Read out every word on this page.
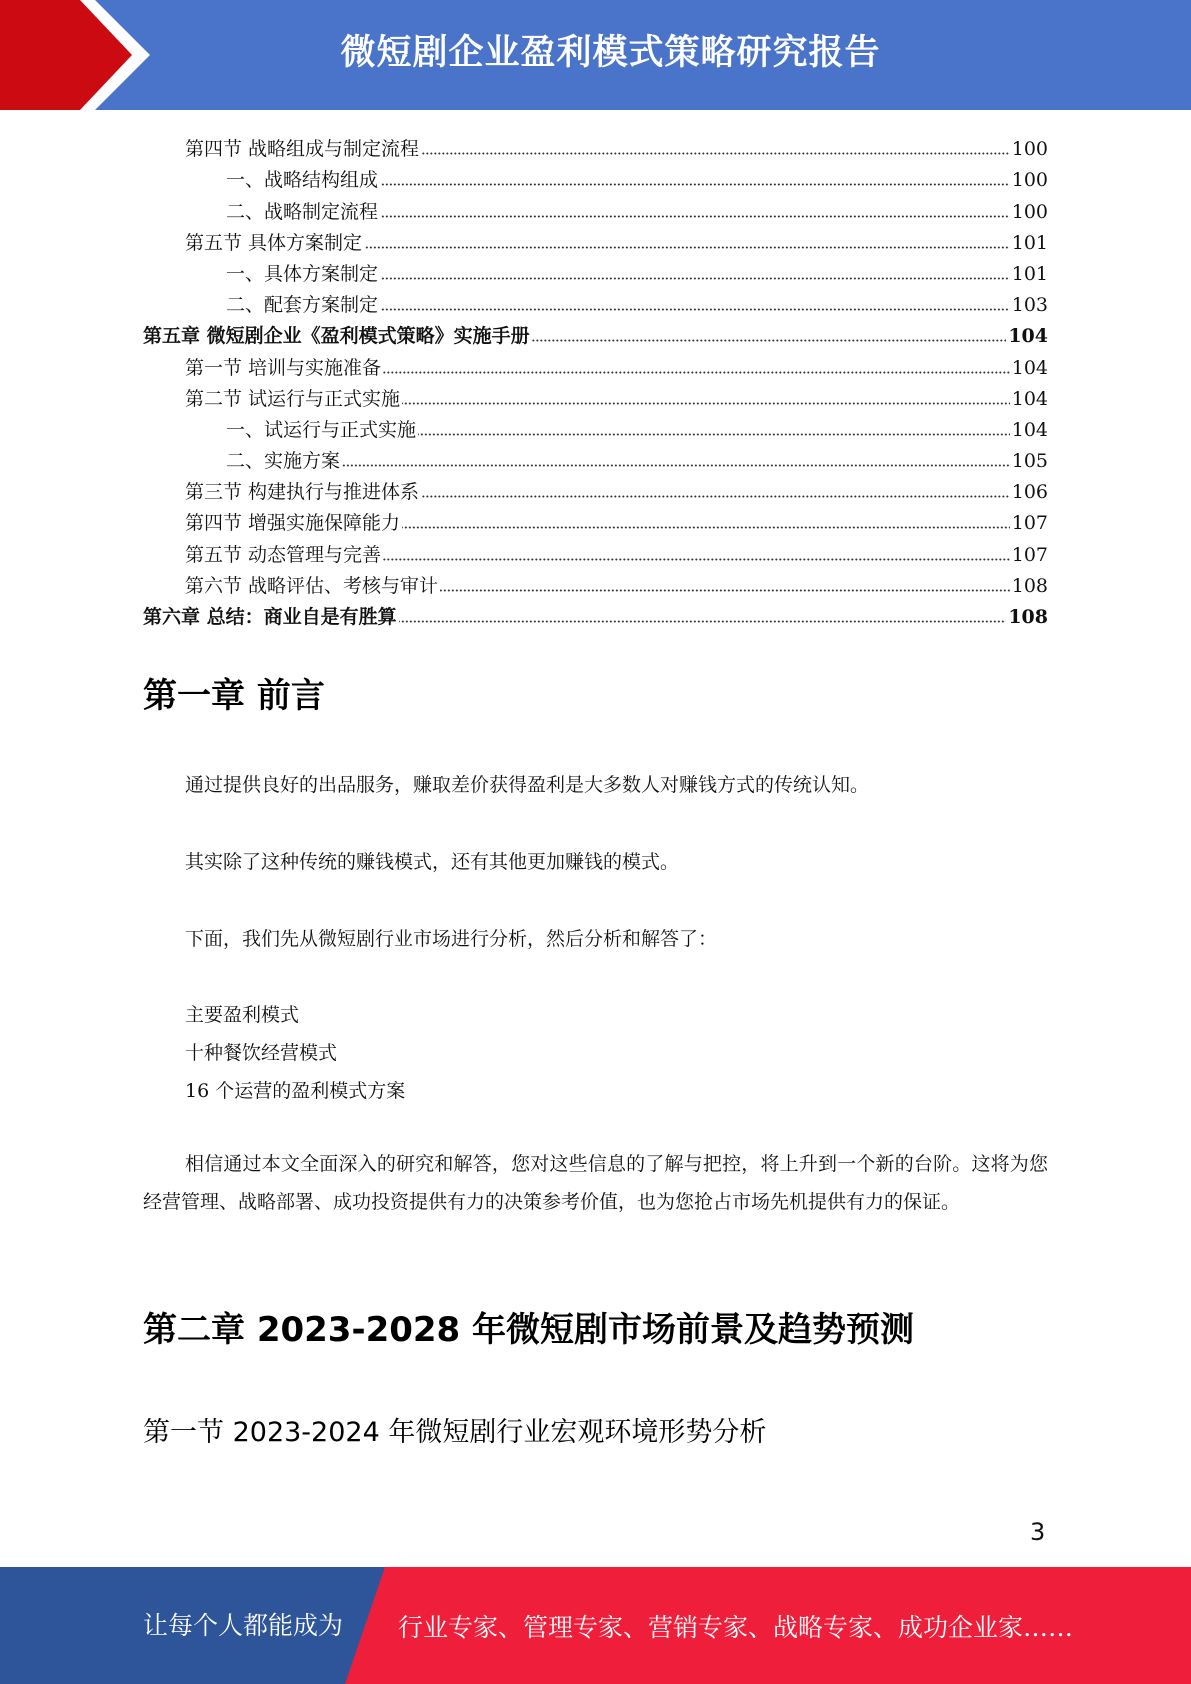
微短剧企业盈利模式策略研究报告
第四节 战略组成与制定流程	100
一、战略结构组成	100
二、战略制定流程	100
第五节 具体方案制定	101
一、具体方案制定	101
二、配套方案制定	103
第五章 微短剧企业《盈利模式策略》实施手册	104
第一节 培训与实施准备	104
第二节 试运行与正式实施	104
一、试运行与正式实施	104
二、实施方案	105
第三节 构建执行与推进体系	106
第四节 增强实施保障能力	107
第五节 动态管理与完善	107
第六节 战略评估、考核与审计	108
第六章 总结：商业自是有胜算	108
第一章 前言
通过提供良好的出品服务，赚取差价获得盈利是大多数人对赚钱方式的传统认知。
其实除了这种传统的赚钱模式，还有其他更加赚钱的模式。
下面，我们先从微短剧行业市场进行分析，然后分析和解答了：
主要盈利模式
十种餐饮经营模式
16 个运营的盈利模式方案
相信通过本文全面深入的研究和解答，您对这些信息的了解与把控，将上升到一个新的台阶。这将为您经营管理、战略部署、成功投资提供有力的决策参考价值，也为您抢占市场先机提供有力的保证。
第二章 2023-2028 年微短剧市场前景及趋势预测
第一节 2023-2024 年微短剧行业宏观环境形势分析
3
让每个人都能成为 行业专家、管理专家、营销专家、战略专家、成功企业家……
